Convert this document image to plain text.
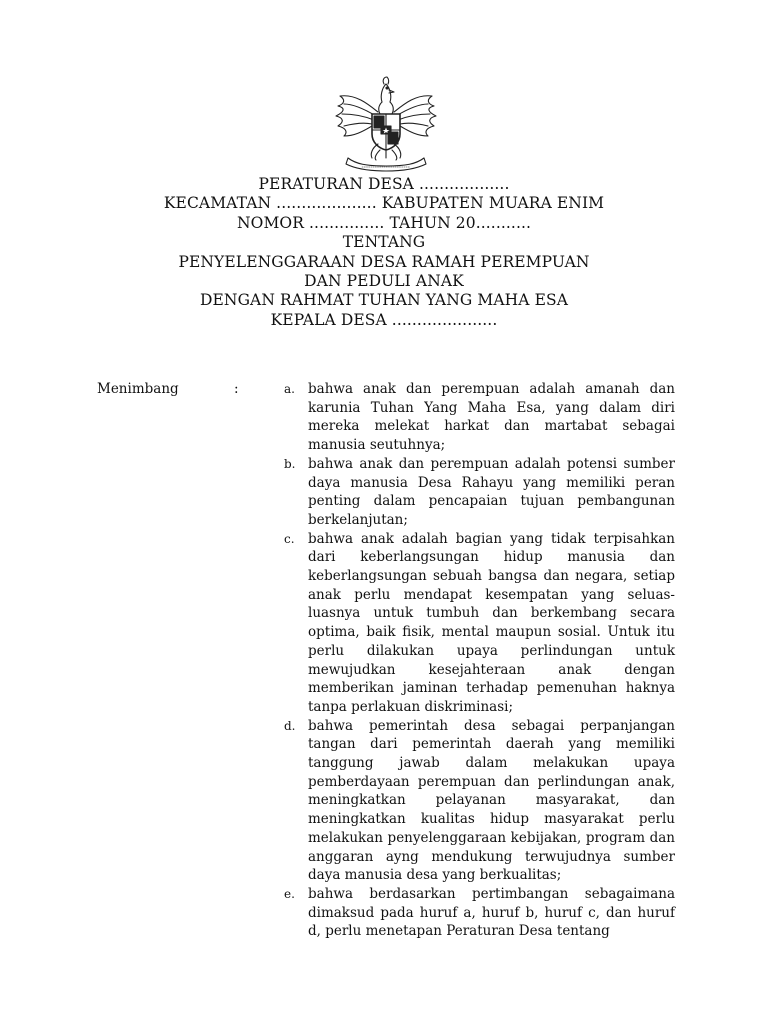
PERATURAN DESA ..................
KECAMATAN .................... KABUPATEN MUARA ENIM
NOMOR ............... TAHUN 20...........
TENTANG
PENYELENGGARAAN DESA RAMAH PEREMPUAN
DAN PEDULI ANAK
DENGAN RAHMAT TUHAN YANG MAHA ESA
KEPALA DESA .....................
Menimbang	:	a. bahwa anak dan perempuan adalah amanah dan karunia Tuhan Yang Maha Esa, yang dalam diri mereka melekat harkat dan martabat sebagai manusia seutuhnya;
b. bahwa anak dan perempuan adalah potensi sumber daya manusia Desa Rahayu yang memiliki peran penting dalam pencapaian tujuan pembangunan berkelanjutan;
c. bahwa anak adalah bagian yang tidak terpisahkan dari keberlangsungan hidup manusia dan keberlangsungan sebuah bangsa dan negara, setiap anak perlu mendapat kesempatan yang seluas-luasnya untuk tumbuh dan berkembang secara optima, baik fisik, mental maupun sosial. Untuk itu perlu dilakukan upaya perlindungan untuk mewujudkan kesejahteraan anak dengan memberikan jaminan terhadap pemenuhan haknya tanpa perlakuan diskriminasi;
d. bahwa pemerintah desa sebagai perpanjangan tangan dari pemerintah daerah yang memiliki tanggung jawab dalam melakukan upaya pemberdayaan perempuan dan perlindungan anak, meningkatkan pelayanan masyarakat, dan meningkatkan kualitas hidup masyarakat perlu melakukan penyelenggaraan kebijakan, program dan anggaran ayng mendukung terwujudnya sumber daya manusia desa yang berkualitas;
e. bahwa berdasarkan pertimbangan sebagaimana dimaksud pada huruf a, huruf b, huruf c, dan huruf d, perlu menetapan Peraturan Desa tentang
